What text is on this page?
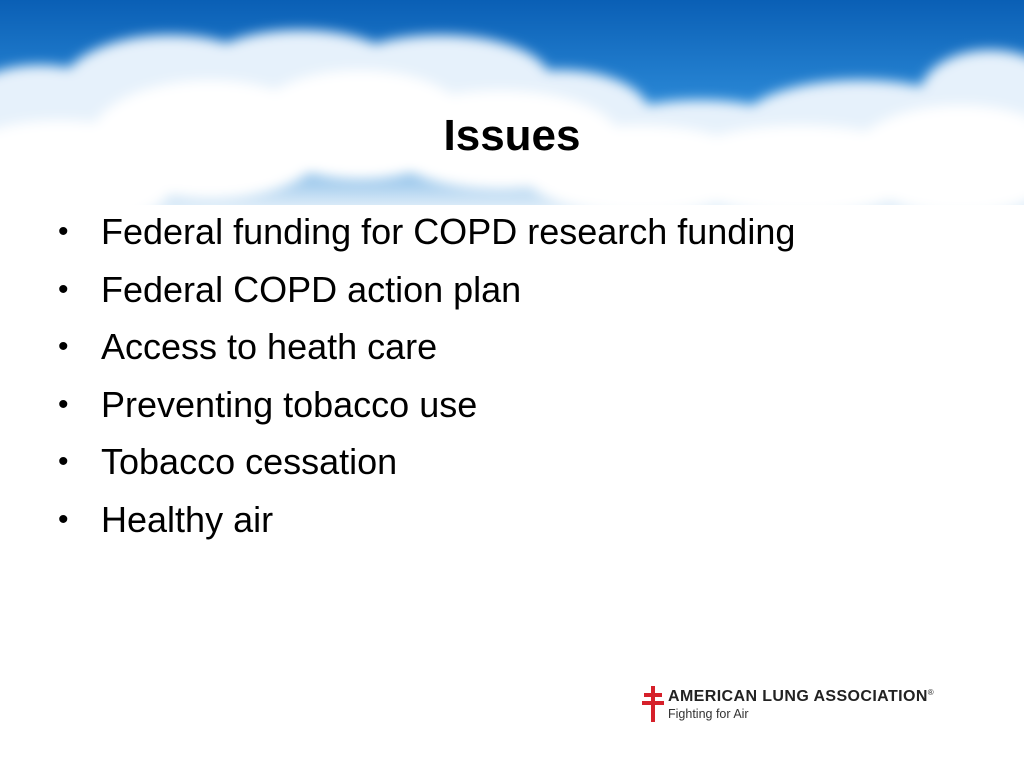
Issues
• Federal funding for COPD research funding
• Federal COPD action plan
• Access to heath care
• Preventing tobacco use
• Tobacco cessation
• Healthy air
AMERICAN LUNG ASSOCIATION®
Fighting for Air
